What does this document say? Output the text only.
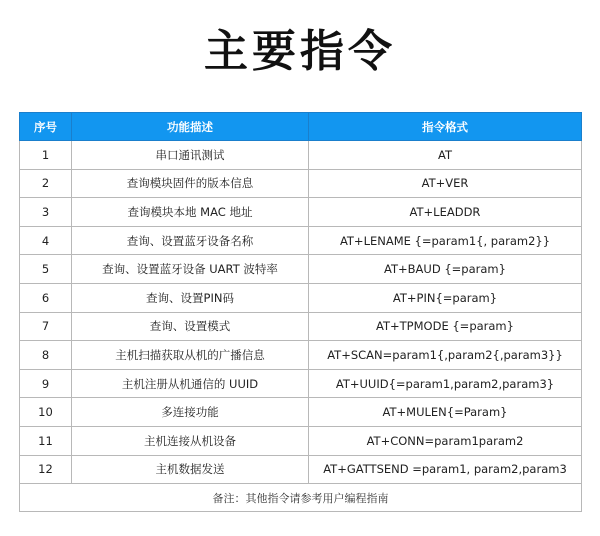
主要指令
序号	功能描述	指令格式
1	串口通讯测试	AT
2	查询模块固件的版本信息	AT+VER
3	查询模块本地 MAC 地址	AT+LEADDR
4	查询、设置蓝牙设备名称	AT+LENAME {=param1{, param2}}
5	查询、设置蓝牙设备 UART 波特率	AT+BAUD {=param}
6	查询、设置PIN码	AT+PIN{=param}
7	查询、设置模式	AT+TPMODE {=param}
8	主机扫描获取从机的广播信息	AT+SCAN=param1{,param2{,param3}}
9	主机注册从机通信的 UUID	AT+UUID{=param1,param2,param3}
10	多连接功能	AT+MULEN{=Param}
11	主机连接从机设备	AT+CONN=param1param2
12	主机数据发送	AT+GATTSEND =param1, param2,param3
备注：其他指令请参考用户编程指南		
